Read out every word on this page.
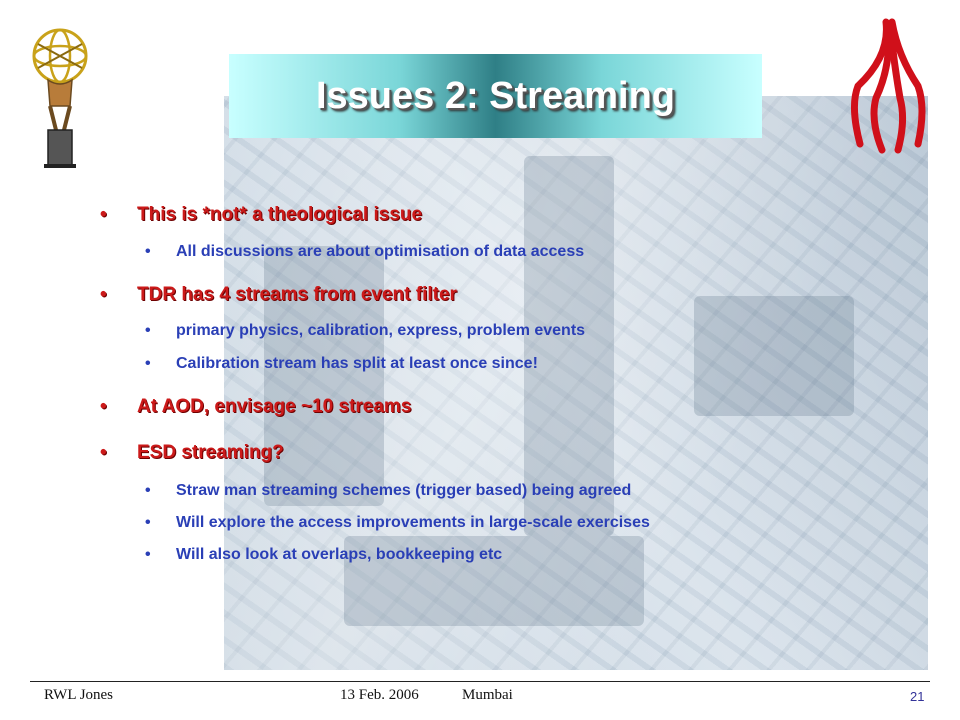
Issues 2: Streaming
• This is *not* a theological issue
• All discussions are about optimisation of data access
• TDR has 4 streams from event filter
• primary physics, calibration, express, problem events
• Calibration stream has split at least once since!
• At AOD, envisage ~10 streams
• ESD streaming?
• Straw man streaming schemes (trigger based) being agreed
• Will explore the access improvements in large-scale exercises
• Will also look at overlaps, bookkeeping etc
RWL Jones	13 Feb. 2006	Mumbai	21
